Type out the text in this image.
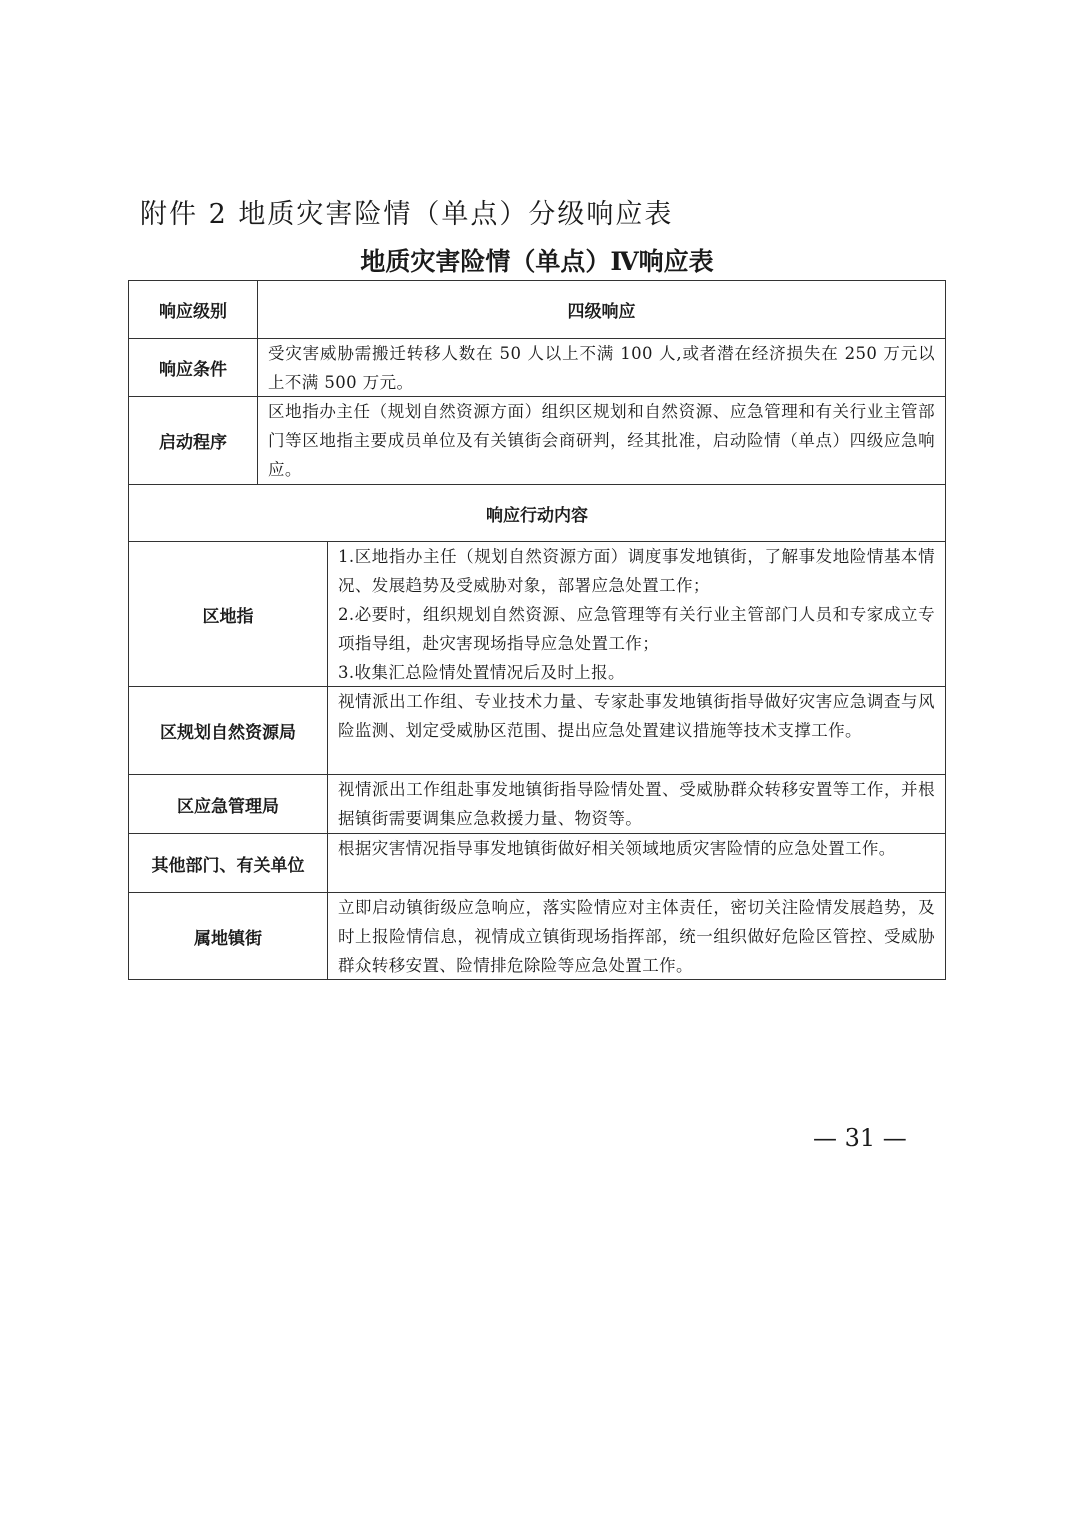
附件 2 地质灾害险情（单点）分级响应表
地质灾害险情（单点）Ⅳ响应表
响应级别	四级响应
响应条件
受灾害威胁需搬迁转移人数在 50 人以上不满 100 人,或者潜在经济损失在 250 万元以上不满 500 万元。
启动程序
区地指办主任（规划自然资源方面）组织区规划和自然资源、应急管理和有关行业主管部门等区地指主要成员单位及有关镇街会商研判，经其批准，启动险情（单点）四级应急响应。
响应行动内容
区地指

1.区地指办主任（规划自然资源方面）调度事发地镇街，了解事发地险情基本情况、发展趋势及受威胁对象，部署应急处置工作；

2.必要时，组织规划自然资源、应急管理等有关行业主管部门人员和专家成立专项指导组，赴灾害现场指导应急处置工作；

3.收集汇总险情处置情况后及时上报。

区规划自然资源局
视情派出工作组、专业技术力量、专家赴事发地镇街指导做好灾害应急调查与风险监测、划定受威胁区范围、提出应急处置建议措施等技术支撑工作。
区应急管理局
视情派出工作组赴事发地镇街指导险情处置、受威胁群众转移安置等工作，并根据镇街需要调集应急救援力量、物资等。
其他部门、有关单位
根据灾害情况指导事发地镇街做好相关领域地质灾害险情的应急处置工作。
属地镇街
立即启动镇街级应急响应，落实险情应对主体责任，密切关注险情发展趋势，及时上报险情信息，视情成立镇街现场指挥部，统一组织做好危险区管控、受威胁群众转移安置、险情排危除险等应急处置工作。
— 31 —
